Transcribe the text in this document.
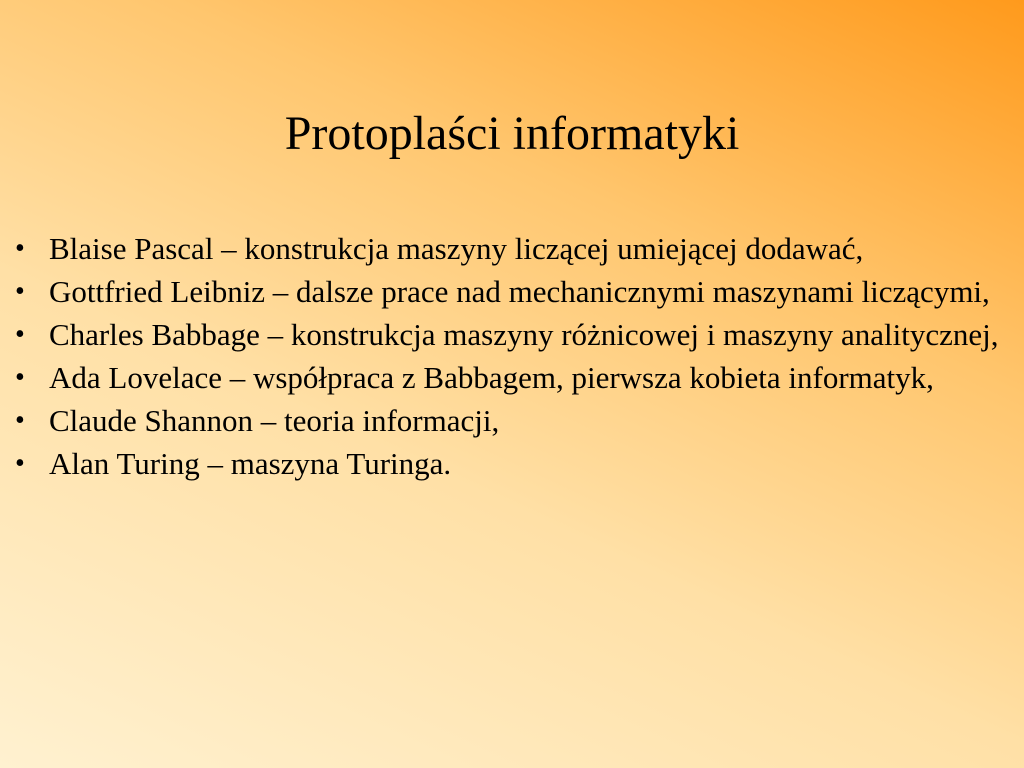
Protoplaści informatyki
• Blaise Pascal – konstrukcja maszyny liczącej umiejącej dodawać,
• Gottfried Leibniz – dalsze prace nad mechanicznymi maszynami liczącymi,
• Charles Babbage – konstrukcja maszyny różnicowej i maszyny analitycznej,
• Ada Lovelace – współpraca z Babbagem, pierwsza kobieta informatyk,
• Claude Shannon – teoria informacji,
• Alan Turing – maszyna Turinga.
